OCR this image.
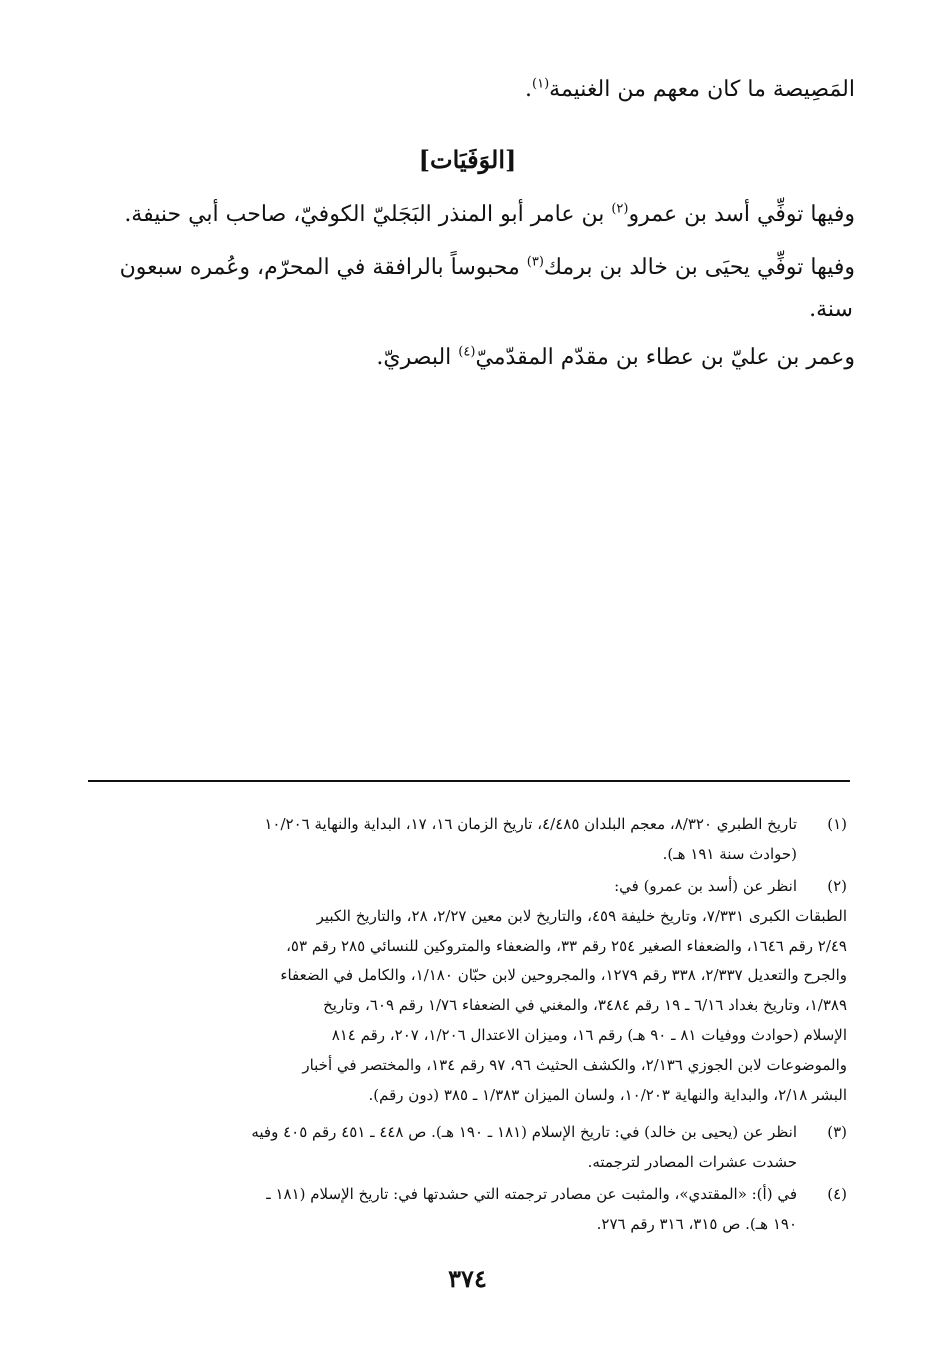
المَصِيصة ما كان معهم من الغنيمة$^{(١)}$.
[الوَفَيَات]
وفيها توفِّي أسد بن عمرو$^{(٢)}$ بن عامر أبو المنذر البَجَليّ الكوفيّ، صاحب أبي حنيفة.
وفيها توفِّي يحيَى بن خالد بن برمك$^{(٣)}$ محبوساً بالرافقة في المحرّم، وعُمره سبعون
سنة.
وعمر بن عليّ بن عطاء بن مقدّم المقدّميّ$^{(٤)}$ البصريّ.
(١)
تاريخ الطبري ٨/٣٢٠، معجم البلدان ٤/٤٨٥، تاريخ الزمان ١٦، ١٧، البداية والنهاية ١٠/٢٠٦
(حوادث سنة ١٩١ هـ).
(٢)
انظر عن (أسد بن عمرو) في:
الطبقات الكبرى ٧/٣٣١، وتاريخ خليفة ٤٥٩، والتاريخ لابن معين ٢/٢٧، ٢٨، والتاريخ الكبير
٢/٤٩ رقم ١٦٤٦، والضعفاء الصغير ٢٥٤ رقم ٣٣، والضعفاء والمتروكين للنسائي ٢٨٥ رقم ٥٣،
والجرح والتعديل ٢/٣٣٧، ٣٣٨ رقم ١٢٧٩، والمجروحين لابن حبّان ١/١٨٠، والكامل في الضعفاء
١/٣٨٩، وتاريخ بغداد ٦/١٦ ـ ١٩ رقم ٣٤٨٤، والمغني في الضعفاء ١/٧٦ رقم ٦٠٩، وتاريخ
الإسلام (حوادث ووفيات ٨١ ـ ٩٠ هـ) رقم ١٦، وميزان الاعتدال ١/٢٠٦، ٢٠٧، رقم ٨١٤
والموضوعات لابن الجوزي ٢/١٣٦، والكشف الحثيث ٩٦، ٩٧ رقم ١٣٤، والمختصر في أخبار
البشر ٢/١٨، والبداية والنهاية ١٠/٢٠٣، ولسان الميزان ١/٣٨٣ ـ ٣٨٥ (دون رقم).
(٣)
انظر عن (يحيى بن خالد) في: تاريخ الإسلام (١٨١ ـ ١٩٠ هـ). ص ٤٤٨ ـ ٤٥١ رقم ٤٠٥ وفيه
حشدت عشرات المصادر لترجمته.
(٤)
في (أ): «المقتدي»، والمثبت عن مصادر ترجمته التي حشدتها في: تاريخ الإسلام (١٨١ ـ
١٩٠ هـ). ص ٣١٥، ٣١٦ رقم ٢٧٦.
٣٧٤
